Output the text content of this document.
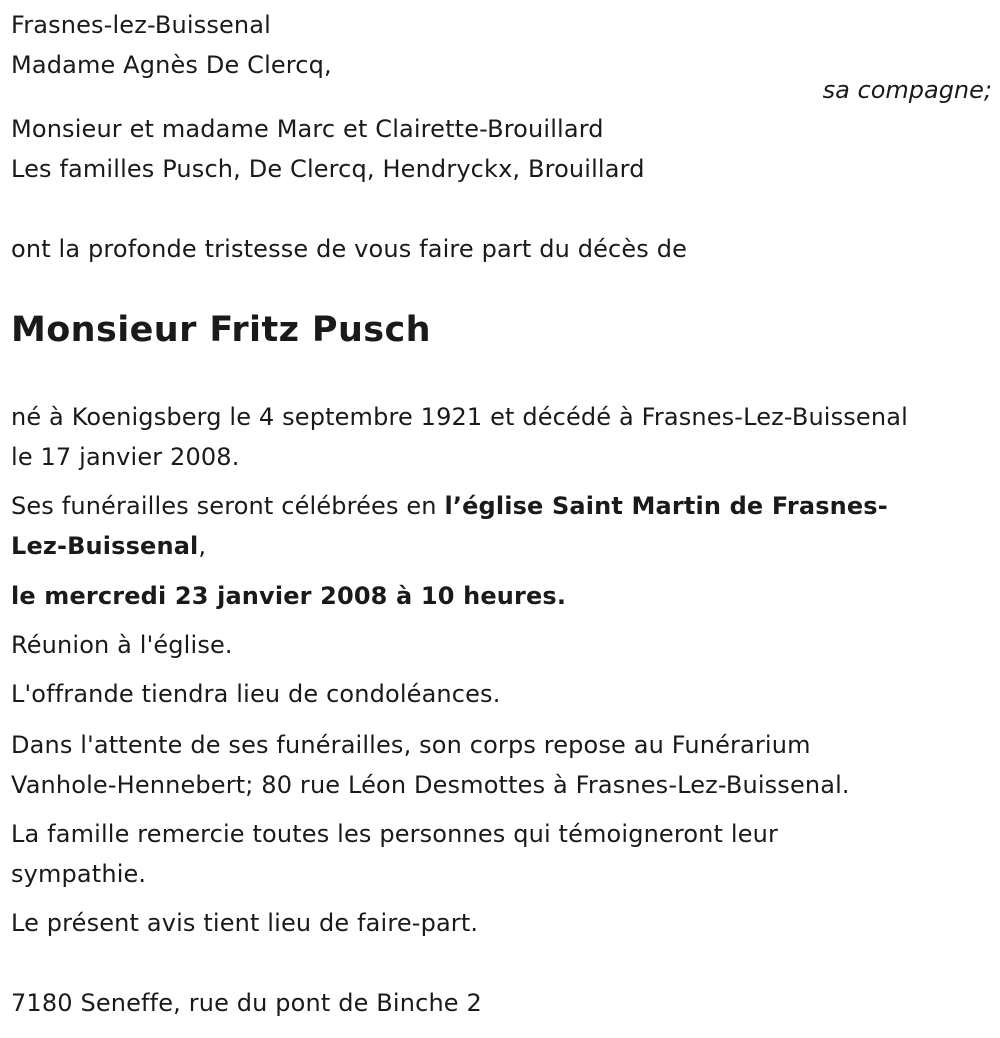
Frasnes-lez-Buissenal
Madame Agnès De Clercq,
sa compagne;
Monsieur et madame Marc et Clairette-Brouillard
Les familles Pusch, De Clercq, Hendryckx, Brouillard
ont la profonde tristesse de vous faire part du décès de
Monsieur Fritz Pusch
né à Koenigsberg le 4 septembre 1921 et décédé à Frasnes-Lez-Buissenal
le 17 janvier 2008.
Ses funérailles seront célébrées en l’église Saint Martin de Frasnes-
Lez-Buissenal,
le mercredi 23 janvier 2008 à 10 heures.
Réunion à l'église.
L'offrande tiendra lieu de condoléances.
Dans l'attente de ses funérailles, son corps repose au Funérarium
Vanhole-Hennebert; 80 rue Léon Desmottes à Frasnes-Lez-Buissenal.
La famille remercie toutes les personnes qui témoigneront leur
sympathie.
Le présent avis tient lieu de faire-part.
7180 Seneffe, rue du pont de Binche 2
